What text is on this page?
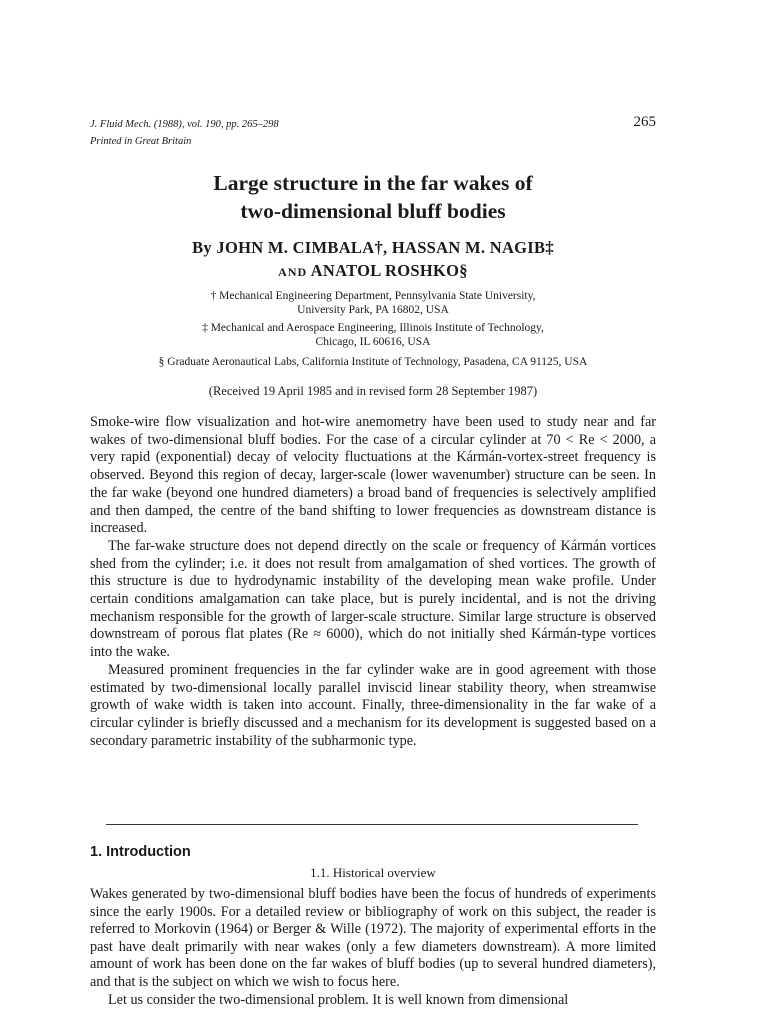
J. Fluid Mech. (1988), vol. 190, pp. 265–298
Printed in Great Britain
265
Large structure in the far wakes of
two-dimensional bluff bodies
By JOHN M. CIMBALA†, HASSAN M. NAGIB‡
AND ANATOL ROSHKO§
† Mechanical Engineering Department, Pennsylvania State University,
University Park, PA 16802, USA
‡ Mechanical and Aerospace Engineering, Illinois Institute of Technology,
Chicago, IL 60616, USA
§ Graduate Aeronautical Labs, California Institute of Technology, Pasadena, CA 91125, USA
(Received 19 April 1985 and in revised form 28 September 1987)

Smoke-wire flow visualization and hot-wire anemometry have been used to study near and far wakes of two-dimensional bluff bodies. For the case of a circular cylinder at 70 < Re < 2000, a very rapid (exponential) decay of velocity fluctuations at the Kármán-vortex-street frequency is observed. Beyond this region of decay, larger-scale (lower wavenumber) structure can be seen. In the far wake (beyond one hundred diameters) a broad band of frequencies is selectively amplified and then damped, the centre of the band shifting to lower frequencies as downstream distance is increased.

The far-wake structure does not depend directly on the scale or frequency of Kármán vortices shed from the cylinder; i.e. it does not result from amalgamation of shed vortices. The growth of this structure is due to hydrodynamic instability of the developing mean wake profile. Under certain conditions amalgamation can take place, but is purely incidental, and is not the driving mechanism responsible for the growth of larger-scale structure. Similar large structure is observed downstream of porous flat plates (Re ≈ 6000), which do not initially shed Kármán-type vortices into the wake.

Measured prominent frequencies in the far cylinder wake are in good agreement with those estimated by two-dimensional locally parallel inviscid linear stability theory, when streamwise growth of wake width is taken into account. Finally, three-dimensionality in the far wake of a circular cylinder is briefly discussed and a mechanism for its development is suggested based on a secondary parametric instability of the subharmonic type.

1. Introduction
1.1. Historical overview

Wakes generated by two-dimensional bluff bodies have been the focus of hundreds of experiments since the early 1900s. For a detailed review or bibliography of work on this subject, the reader is referred to Morkovin (1964) or Berger & Wille (1972). The majority of experimental efforts in the past have dealt primarily with near wakes (only a few diameters downstream). A more limited amount of work has been done on the far wakes of bluff bodies (up to several hundred diameters), and that is the subject on which we wish to focus here.

Let us consider the two-dimensional problem. It is well known from dimensional
